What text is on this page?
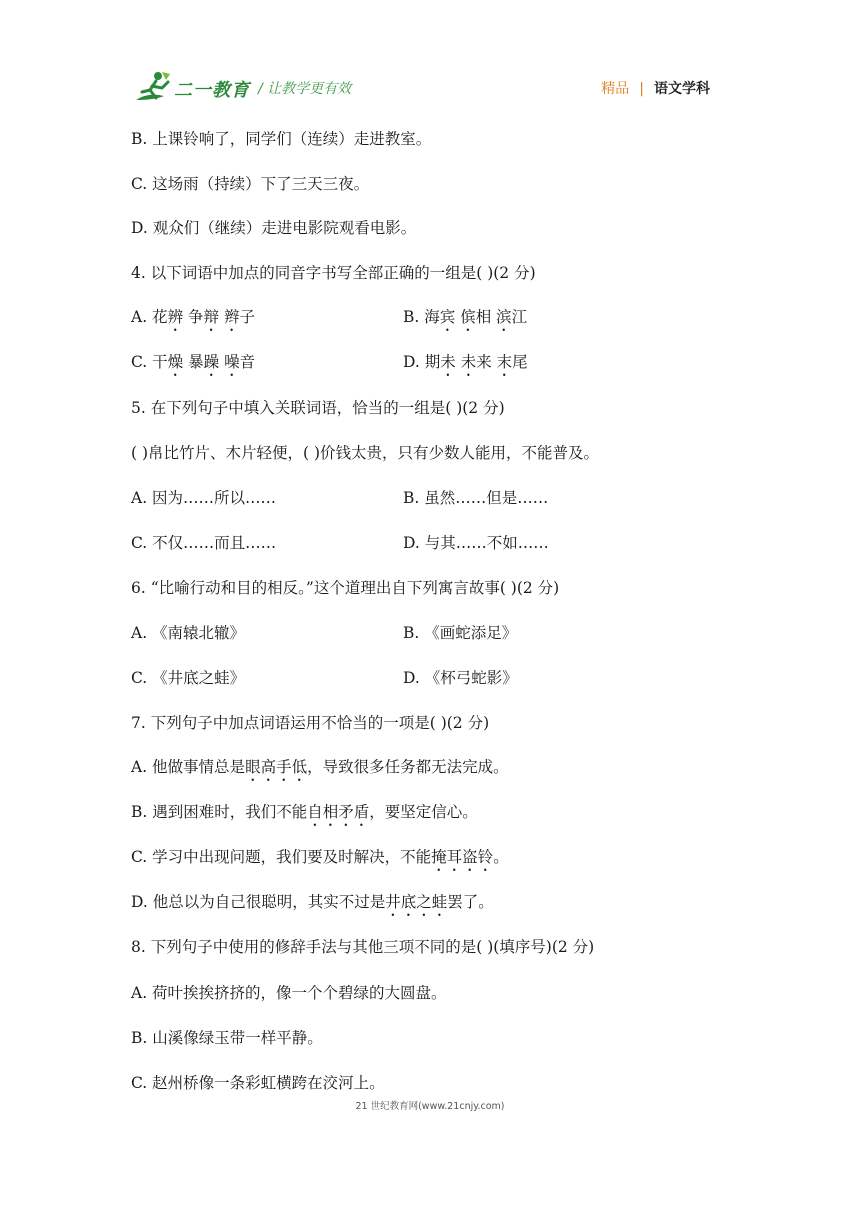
二一教育 / 让教学更有效	精品 | 语文学科
B. 上课铃响了，同学们（连续）走进教室。
C. 这场雨（持续）下了三天三夜。
D. 观众们（继续）走进电影院观看电影。
4. 以下词语中加点的同音字书写全部正确的一组是( )(2 分)
A. 花辨 争辩 辫子	B. 海宾 傧相 滨江
C. 干燥 暴躁 噪音	D. 期未 未来 末尾
5. 在下列句子中填入关联词语，恰当的一组是( )(2 分)
( )帛比竹片、木片轻便，( )价钱太贵，只有少数人能用，不能普及。
A. 因为……所以……	B. 虽然……但是……
C. 不仅……而且……	D. 与其……不如……
6. “比喻行动和目的相反。”这个道理出自下列寓言故事( )(2 分)
A. 《南辕北辙》	B. 《画蛇添足》
C. 《井底之蛙》	D. 《杯弓蛇影》
7. 下列句子中加点词语运用不恰当的一项是( )(2 分)
A. 他做事情总是眼高手低，导致很多任务都无法完成。
B. 遇到困难时，我们不能自相矛盾，要坚定信心。
C. 学习中出现问题，我们要及时解决，不能掩耳盗铃。
D. 他总以为自己很聪明，其实不过是井底之蛙罢了。
8. 下列句子中使用的修辞手法与其他三项不同的是( )(填序号)(2 分)
A. 荷叶挨挨挤挤的，像一个个碧绿的大圆盘。
B. 山溪像绿玉带一样平静。
C. 赵州桥像一条彩虹横跨在洨河上。
21 世纪教育网(www.21cnjy.com)
